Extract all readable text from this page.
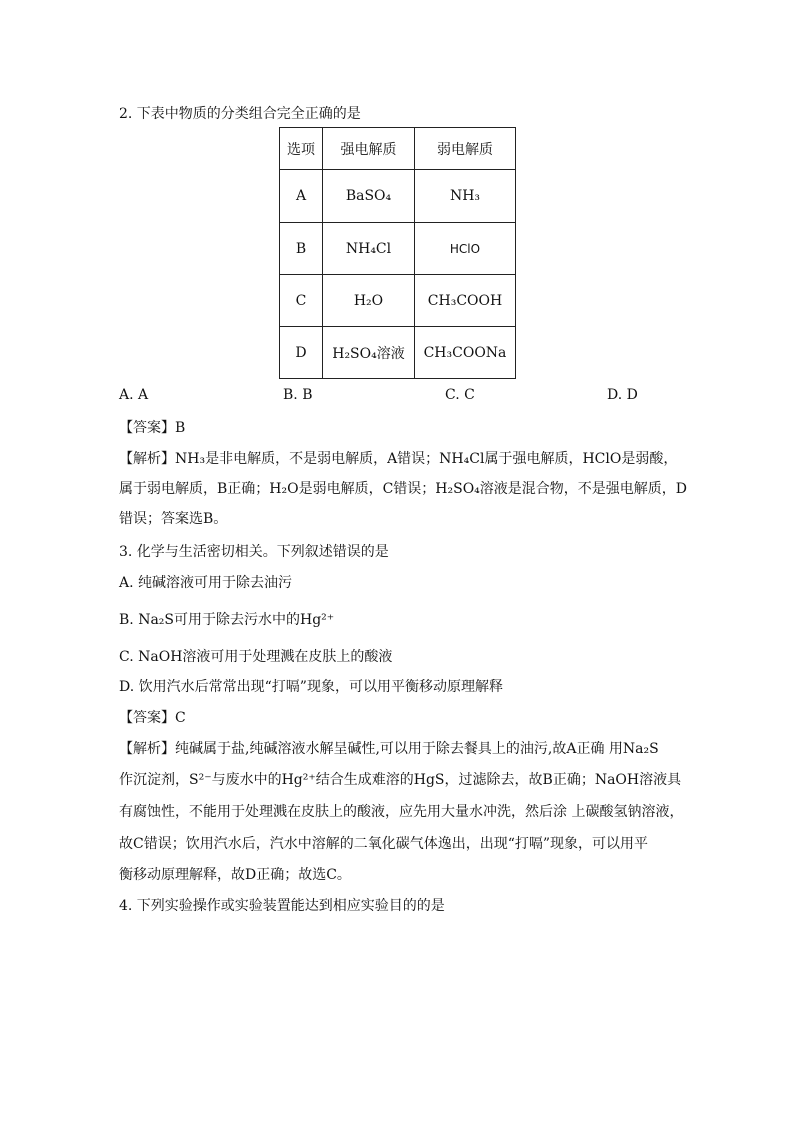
2. 下表中物质的分类组合完全正确的是
选项	强电解质	弱电解质
A	BaSO₄	NH₃
B	NH₄Cl	HClO
C	H₂O	CH₃COOH
D	H₂SO₄溶液	CH₃COONa
A. A	B. B	C. C	D. D
【答案】B
【解析】NH₃是非电解质，不是弱电解质，A错误；NH₄Cl属于强电解质，HClO是弱酸，
属于弱电解质，B正确；H₂O是弱电解质，C错误；H₂SO₄溶液是混合物，不是强电解质，D
错误；答案选B。
3. 化学与生活密切相关。下列叙述错误的是
A. 纯碱溶液可用于除去油污
B. Na₂S可用于除去污水中的Hg²⁺
C. NaOH溶液可用于处理溅在皮肤上的酸液
D. 饮用汽水后常常出现“打嗝”现象，可以用平衡移动原理解释
【答案】C
【解析】纯碱属于盐,纯碱溶液水解呈碱性,可以用于除去餐具上的油污,故A正确 用Na₂S
作沉淀剂，S²⁻与废水中的Hg²⁺结合生成难溶的HgS，过滤除去，故B正确；NaOH溶液具
有腐蚀性，不能用于处理溅在皮肤上的酸液，应先用大量水冲洗，然后涂 上碳酸氢钠溶液，
故C错误；饮用汽水后，汽水中溶解的二氧化碳气体逸出，出现“打嗝”现象，可以用平
衡移动原理解释，故D正确；故选C。
4. 下列实验操作或实验装置能达到相应实验目的的是
